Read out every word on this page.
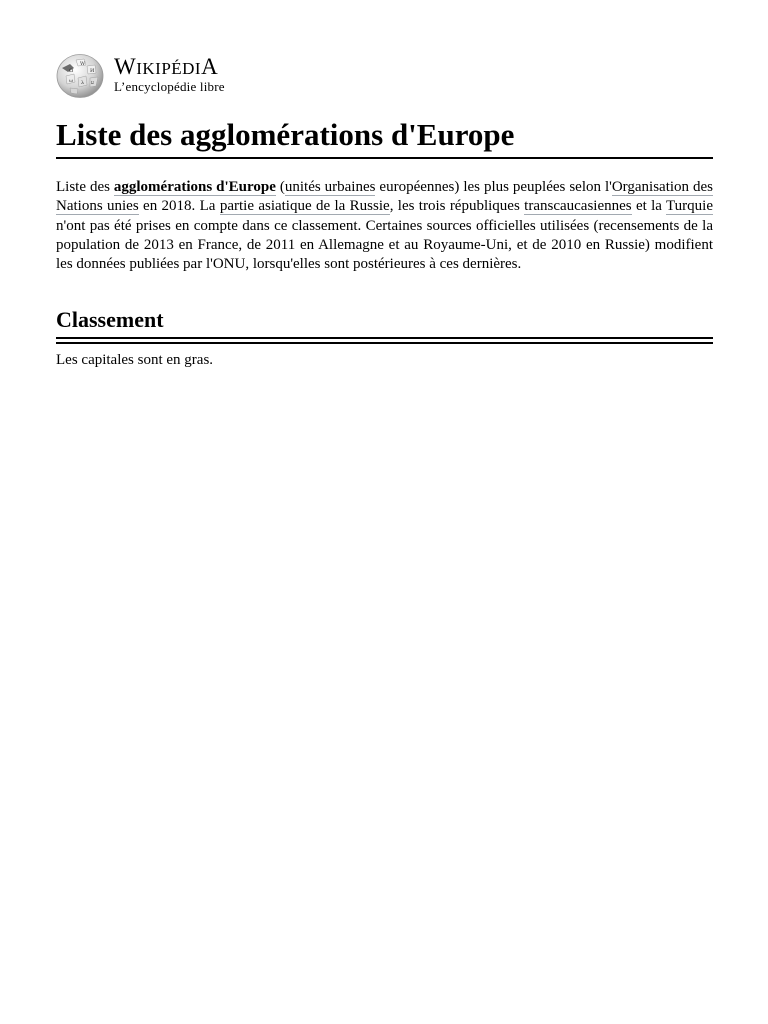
Ω
W
И
ω λ ע
WIKIPÉDIA
L’encyclopédie libre
Liste des agglomérations d'Europe

Liste des agglomérations d'Europe (unités urbaines européennes) les plus peuplées selon l'Organisation des Nations unies en 2018. La partie asiatique de la Russie, les trois républiques transcaucasiennes et la Turquie n'ont pas été prises en compte dans ce classement. Certaines sources officielles utilisées (recensements de la population de 2013 en France, de 2011 en Allemagne et au Royaume-Uni, et de 2010 en Russie) modifient les données publiées par l'ONU, lorsqu'elles sont postérieures à ces dernières.

Classement

Les capitales sont en gras.
